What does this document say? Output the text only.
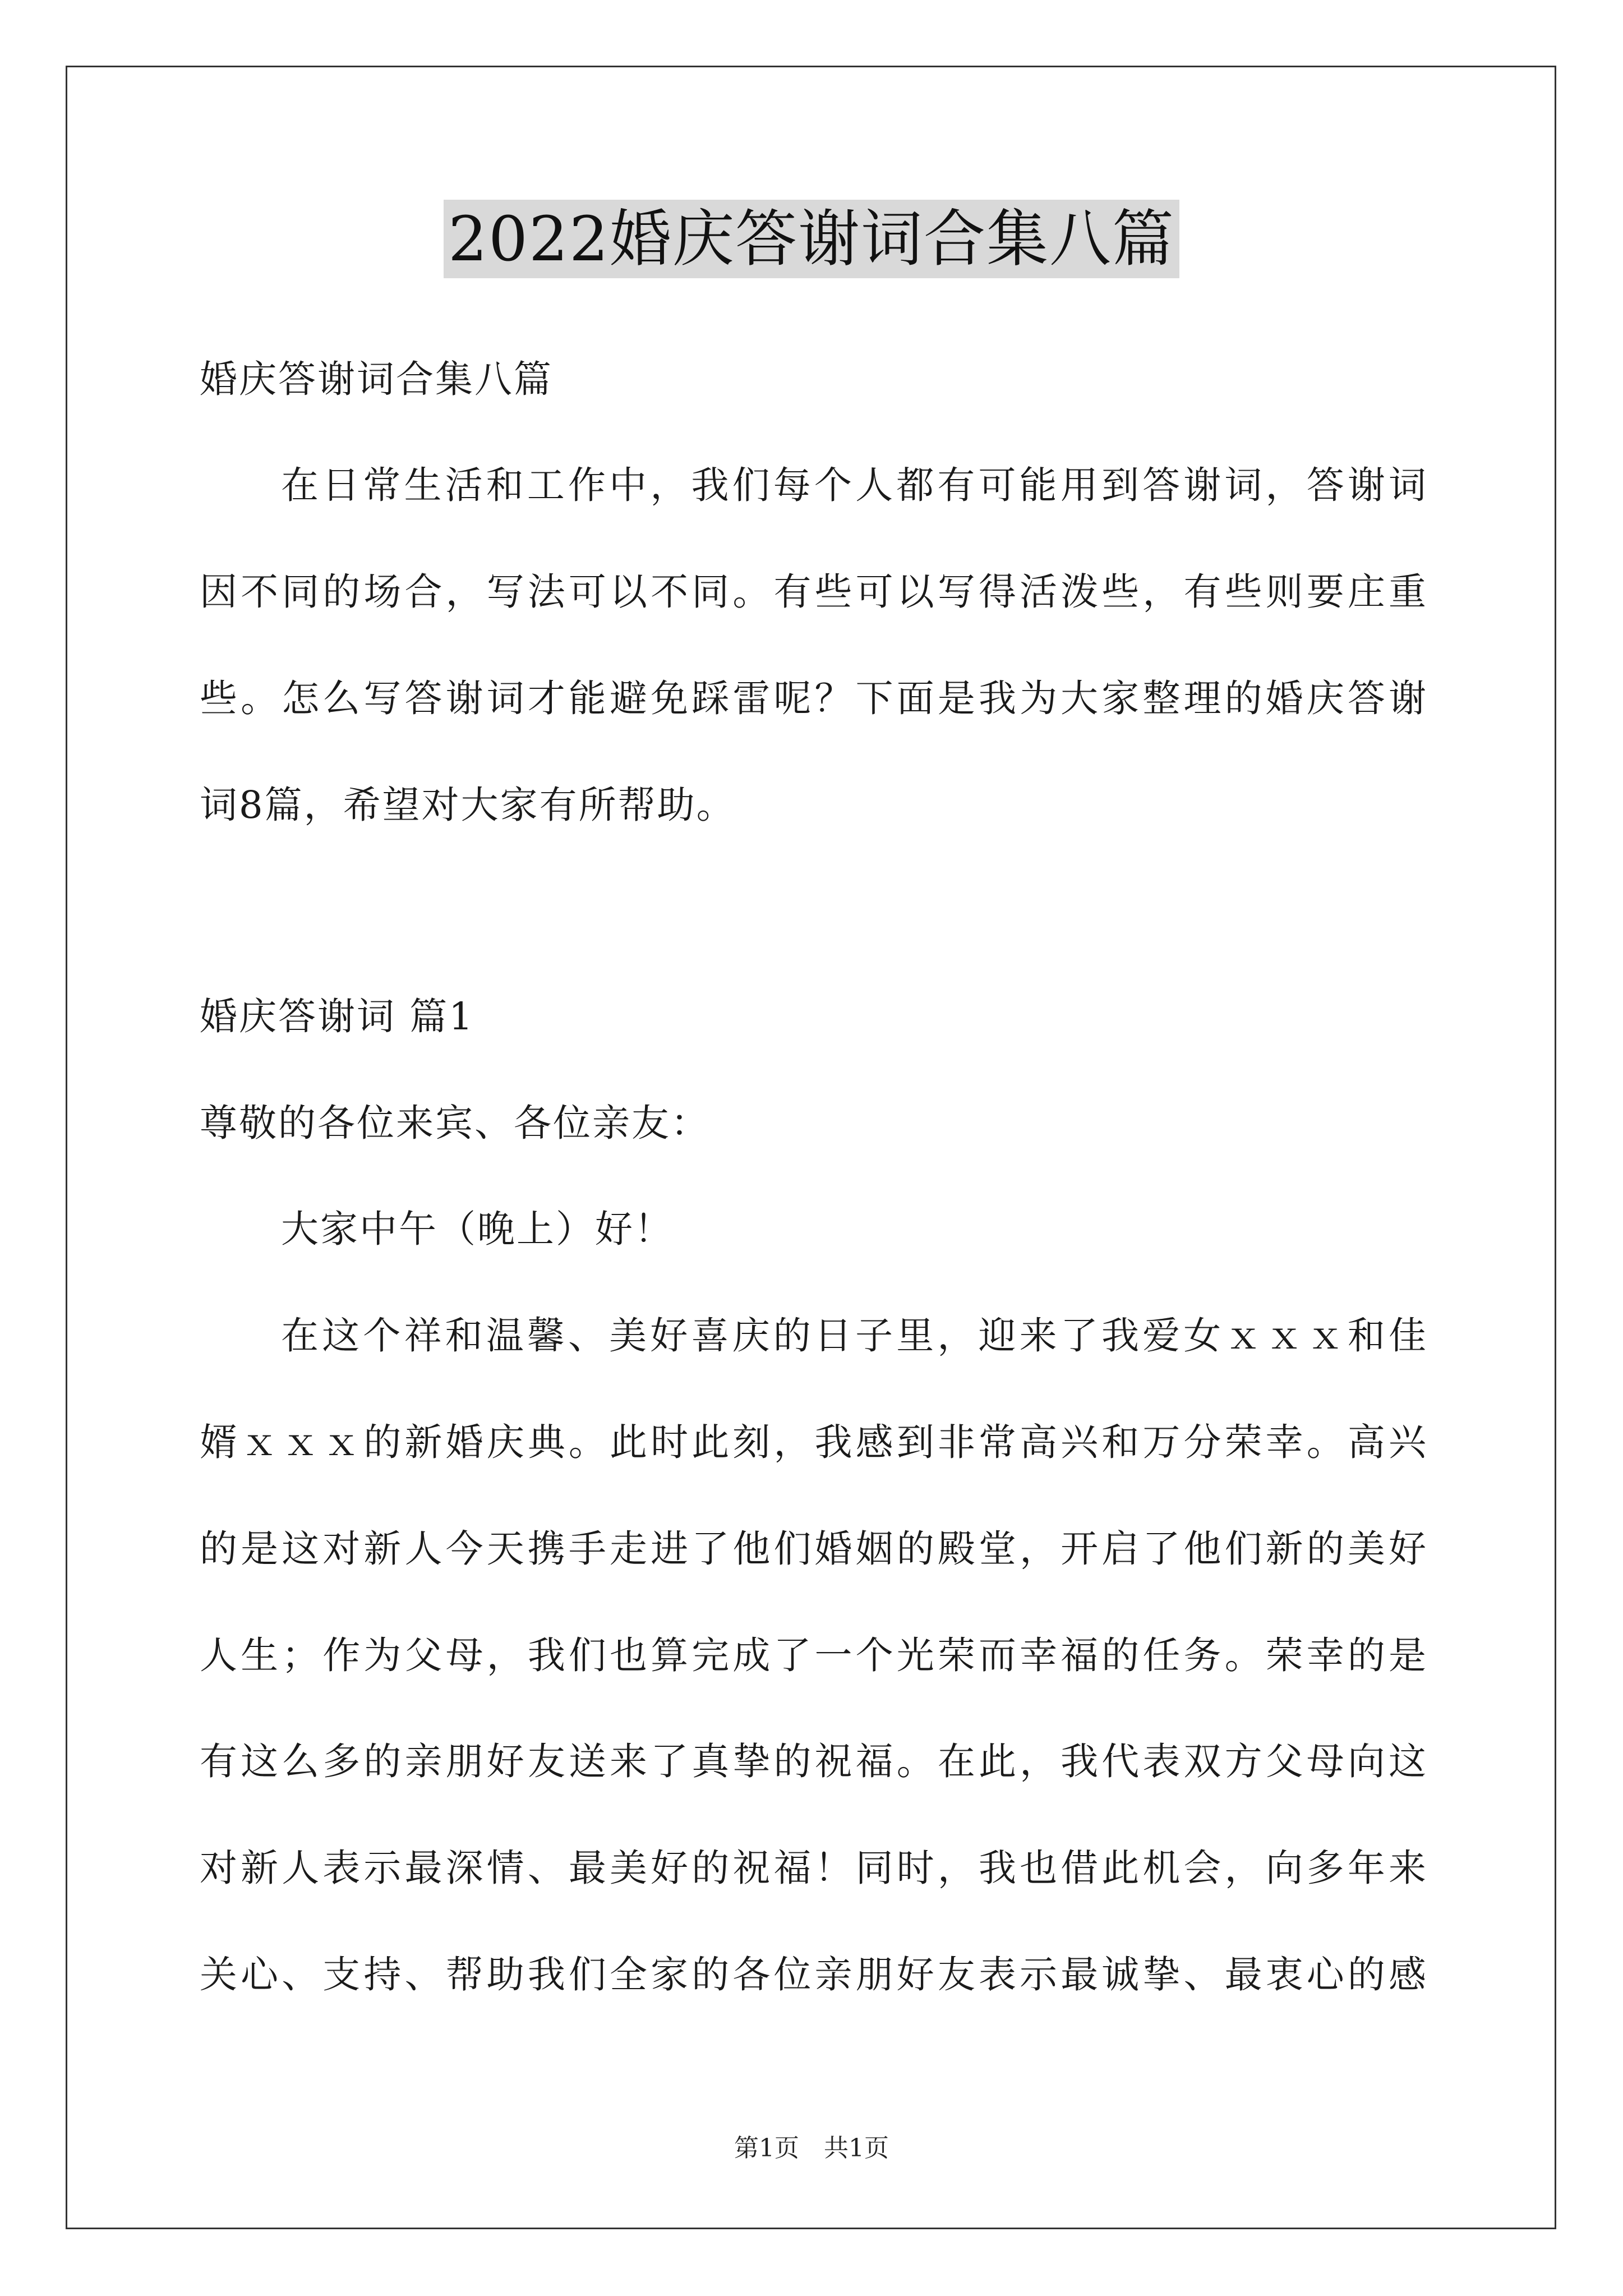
2022婚庆答谢词合集八篇
婚庆答谢词合集八篇
在日常生活和工作中，我们每个人都有可能用到答谢词，答谢词
因不同的场合，写法可以不同。有些可以写得活泼些，有些则要庄重
些。怎么写答谢词才能避免踩雷呢？下面是我为大家整理的婚庆答谢
词8篇，希望对大家有所帮助。
婚庆答谢词 篇1
尊敬的各位来宾、各位亲友：
大家中午（晚上）好！
在这个祥和温馨、美好喜庆的日子里，迎来了我爱女ｘｘｘ和佳
婿ｘｘｘ的新婚庆典。此时此刻，我感到非常高兴和万分荣幸。高兴
的是这对新人今天携手走进了他们婚姻的殿堂，开启了他们新的美好
人生；作为父母，我们也算完成了一个光荣而幸福的任务。荣幸的是
有这么多的亲朋好友送来了真挚的祝福。在此，我代表双方父母向这
对新人表示最深情、最美好的祝福！同时，我也借此机会，向多年来
关心、支持、帮助我们全家的各位亲朋好友表示最诚挚、最衷心的感
第1页　共1页
